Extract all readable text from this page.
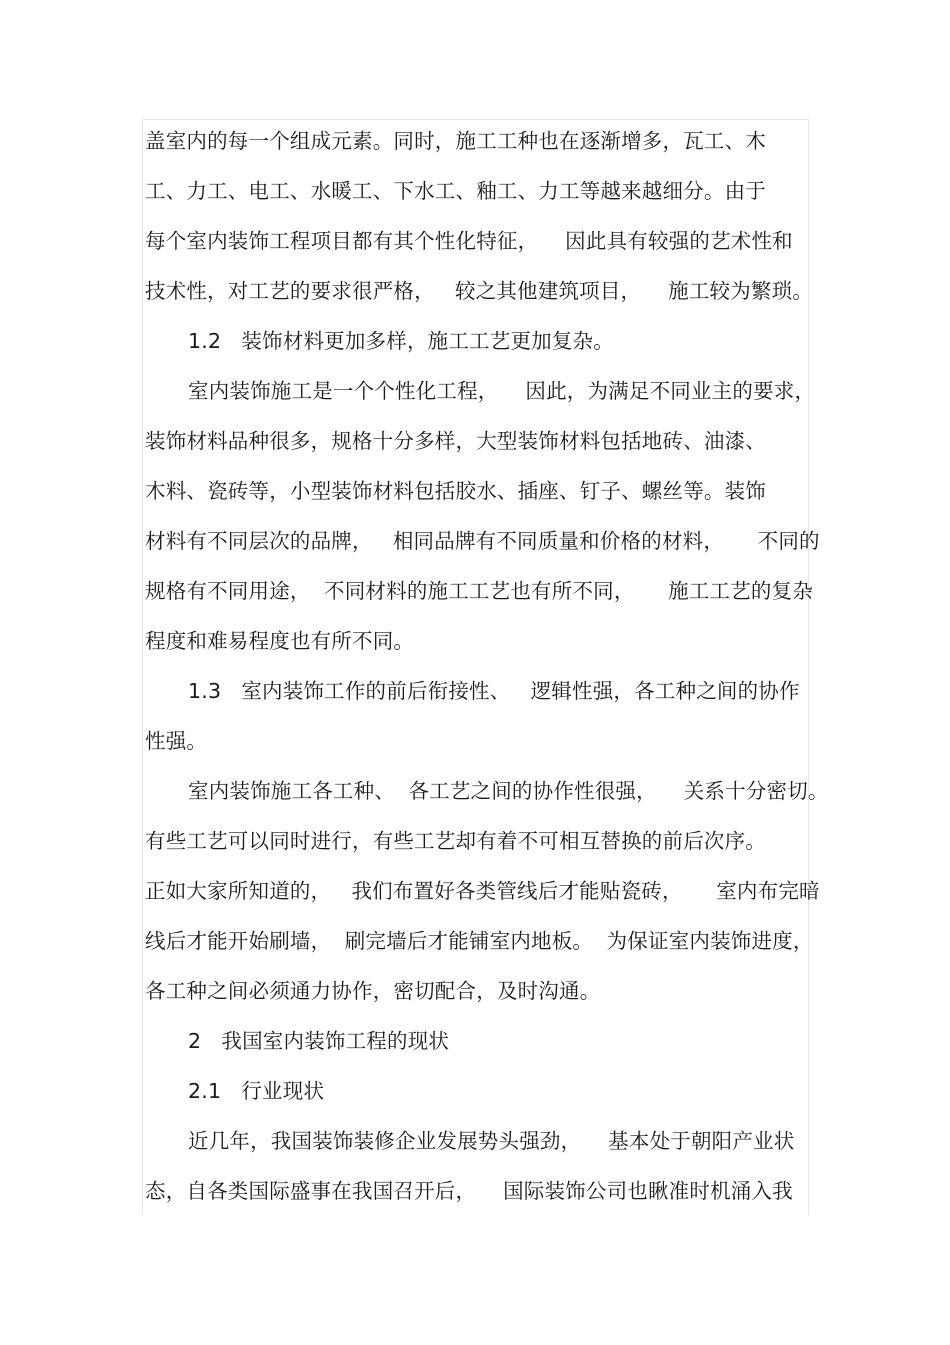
盖室内的每一个组成元素。同时，施工工种也在逐渐增多，瓦工、木
工、力工、电工、水暖工、下水工、釉工、力工等越来越细分。由于
每个室内装饰工程项目都有其个性化特征，    因此具有较强的艺术性和
技术性，对工艺的要求很严格，   较之其他建筑项目，    施工较为繁琐。
1.2   装饰材料更加多样，施工工艺更加复杂。
室内装饰施工是一个个性化工程，    因此，为满足不同业主的要求，
装饰材料品种很多，规格十分多样，大型装饰材料包括地砖、油漆、
木料、瓷砖等，小型装饰材料包括胶水、插座、钉子、螺丝等。装饰
材料有不同层次的品牌，   相同品牌有不同质量和价格的材料，     不同的
规格有不同用途，  不同材料的施工工艺也有所不同，     施工工艺的复杂
程度和难易程度也有所不同。
1.3   室内装饰工作的前后衔接性、   逻辑性强，各工种之间的协作
性强。
室内装饰施工各工种、  各工艺之间的协作性很强，    关系十分密切。
有些工艺可以同时进行，有些工艺却有着不可相互替换的前后次序。
正如大家所知道的，   我们布置好各类管线后才能贴瓷砖，     室内布完暗
线后才能开始刷墙，  刷完墙后才能铺室内地板。  为保证室内装饰进度，
各工种之间必须通力协作，密切配合，及时沟通。
2   我国室内装饰工程的现状
2.1   行业现状
近几年，我国装饰装修企业发展势头强劲，    基本处于朝阳产业状
态，自各类国际盛事在我国召开后，    国际装饰公司也瞅准时机涌入我
